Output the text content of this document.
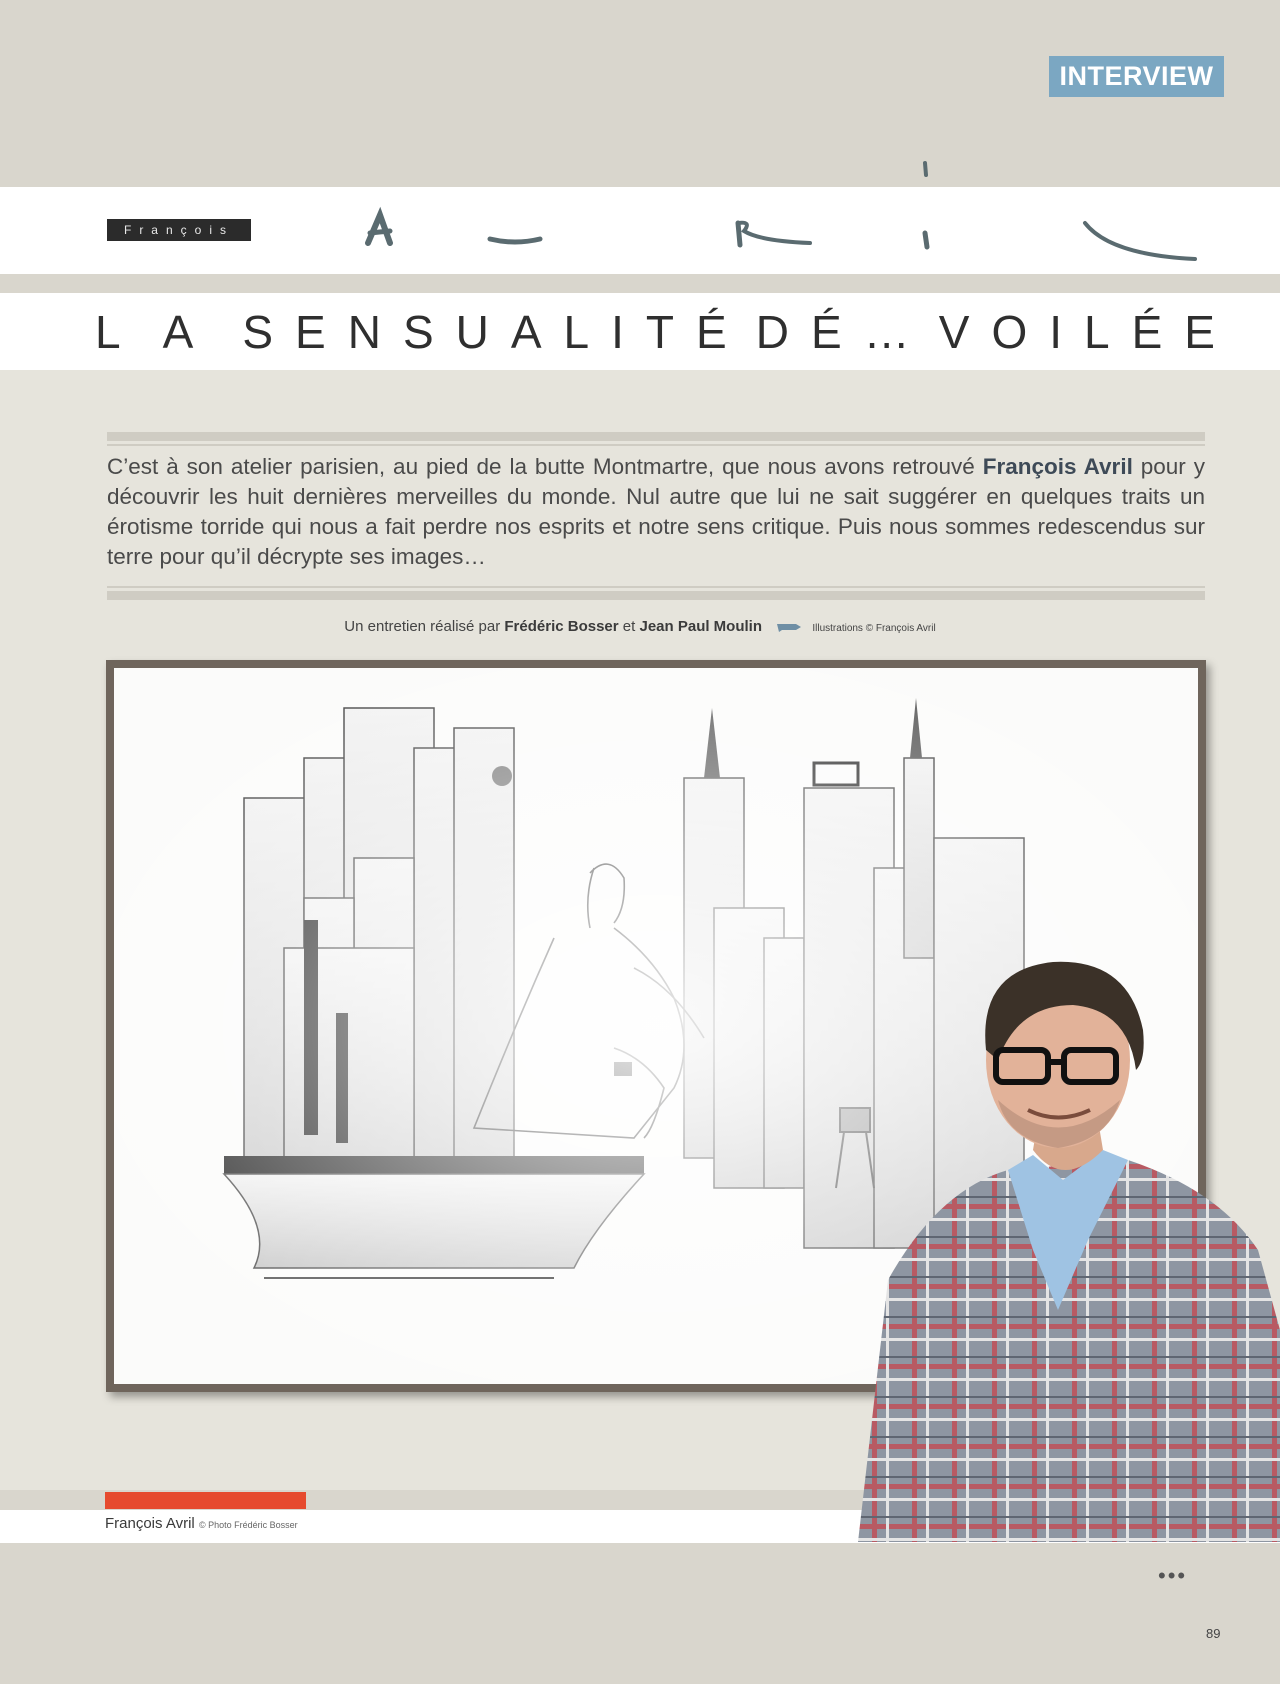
INTERVIEW
François
LA SENSUALITÉ DÉ… VOILÉE
C’est à son atelier parisien, au pied de la butte Montmartre, que nous avons retrouvé François Avril pour y découvrir les huit dernières merveilles du monde. Nul autre que lui ne sait suggérer en quelques traits un érotisme torride qui nous a fait perdre nos esprits et notre sens critique. Puis nous sommes redescendus sur terre pour qu’il décrypte ses images…
Un entretien réalisé par Frédéric Bosser et Jean Paul Moulin	Illustrations © François Avril
François Avril © Photo Frédéric Bosser
•••
89
